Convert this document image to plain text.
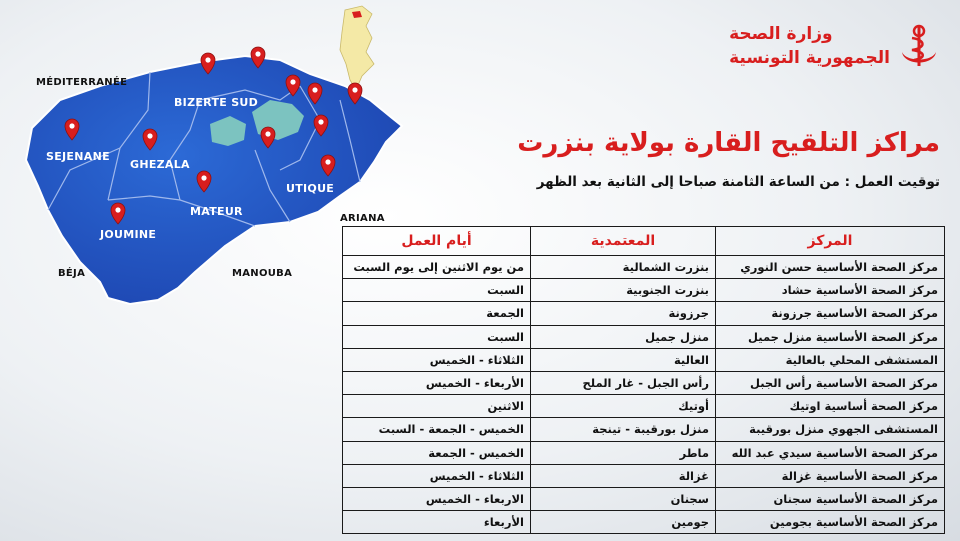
MÉDITERRANÉE
ARIANA
BÉJA	MANOUBA
BIZERTE SUD
SEJENANE
GHEZALA
MATEUR
UTIQUE
JOUMINE
وزارة الصحة
الجمهورية التونسية
مراكز التلقيح القارة بولاية بنزرت
توقيت العمل : من الساعة الثامنة صباحا إلى الثانية بعد الظهر
المركز	المعتمدية	أيام العمل
مركز الصحة الأساسية حسن النوري	بنزرت الشمالية	من يوم الاثنين إلى يوم السبت
مركز الصحة الأساسية حشاد	بنزرت الجنوبية	السبت
مركز الصحة الأساسية جرزونة	جرزونة	الجمعة
مركز الصحة الأساسية منزل جميل	منزل جميل	السبت
المستشفى المحلي بالعالية	العالية	الثلاثاء - الخميس
مركز الصحة الأساسية رأس الجبل	رأس الجبل - غار الملح	الأربعاء - الخميس
مركز الصحة أساسية اوتيك	أوتيك	الاثنين
المستشفى الجهوي منزل بورقيبة	منزل بورقيبة - تينجة	الخميس - الجمعة - السبت
مركز الصحة الأساسية سيدي عبد الله	ماطر	الخميس - الجمعة
مركز الصحة الأساسية غزالة	غزالة	الثلاثاء - الخميس
مركز الصحة الأساسية سجنان	سجنان	الاربعاء - الخميس
مركز الصحة الأساسية بجومين	جومين	الأربعاء
